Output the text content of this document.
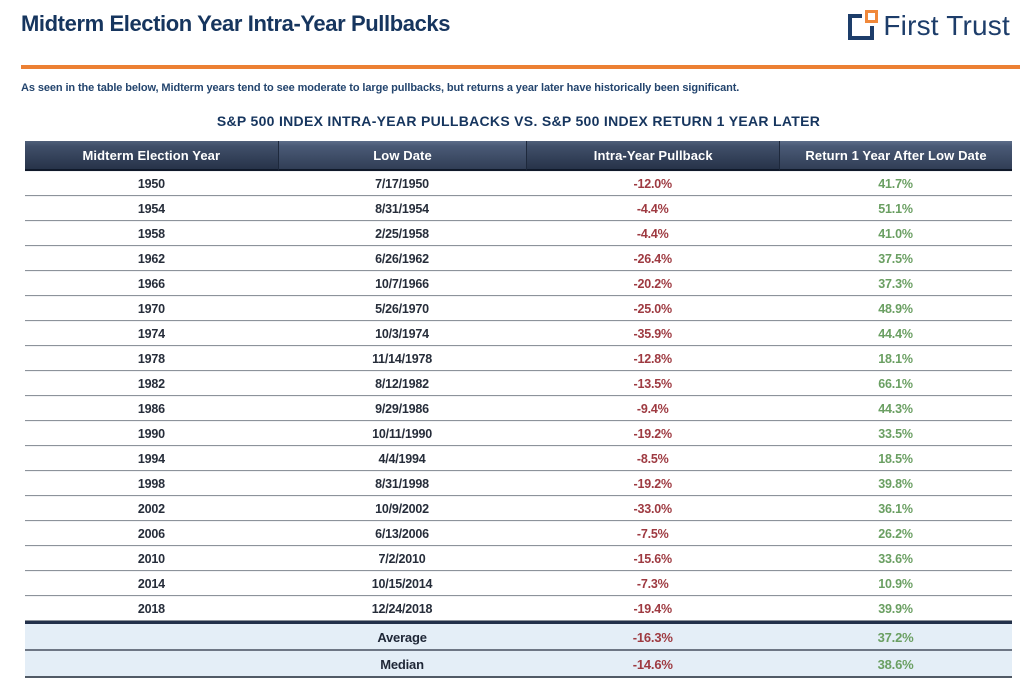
Midterm Election Year Intra-Year Pullbacks	First Trust

As seen in the table below, Midterm years tend to see moderate to large pullbacks, but returns a year later have historically been significant.

S&P 500 INDEX INTRA-YEAR PULLBACKS VS. S&P 500 INDEX RETURN 1 YEAR LATER
Midterm Election Year	Low Date	Intra-Year Pullback	Return 1 Year After Low Date
1950	7/17/1950	-12.0%	41.7%
1954	8/31/1954	-4.4%	51.1%
1958	2/25/1958	-4.4%	41.0%
1962	6/26/1962	-26.4%	37.5%
1966	10/7/1966	-20.2%	37.3%
1970	5/26/1970	-25.0%	48.9%
1974	10/3/1974	-35.9%	44.4%
1978	11/14/1978	-12.8%	18.1%
1982	8/12/1982	-13.5%	66.1%
1986	9/29/1986	-9.4%	44.3%
1990	10/11/1990	-19.2%	33.5%
1994	4/4/1994	-8.5%	18.5%
1998	8/31/1998	-19.2%	39.8%
2002	10/9/2002	-33.0%	36.1%
2006	6/13/2006	-7.5%	26.2%
2010	7/2/2010	-15.6%	33.6%
2014	10/15/2014	-7.3%	10.9%
2018	12/24/2018	-19.4%	39.9%
	Average	-16.3%	37.2%
	Median	-14.6%	38.6%
